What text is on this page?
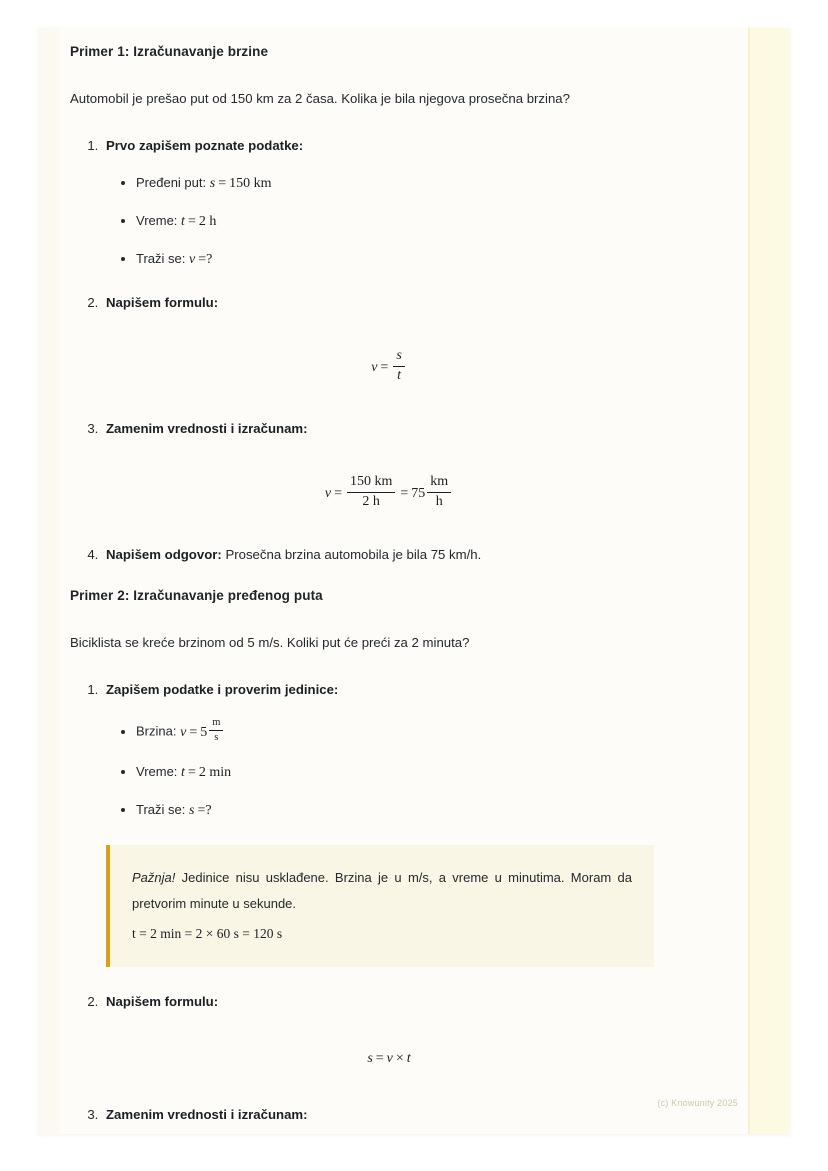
Primer 1: Izračunavanje brzine

Automobil je prešao put od 150 km za 2 časa. Kolika je bila njegova prosečna brzina?

1. Prvo zapišem poznate podatke:
• Pređeni put: s = 150 km
• Vreme: t = 2 h
• Traži se: v =?
2. Napišem formulu:
$v = \frac{s}{t}$
3. Zamenim vrednosti i izračunam:
$v = \frac{150 km}{2 h} = 75 \frac{km}{h}$
4. Napišem odgovor: Prosečna brzina automobila je bila 75 km/h.
Primer 2: Izračunavanje pređenog puta

Biciklista se kreće brzinom od 5 m/s. Koliki put će preći za 2 minuta?

1. Zapišem podatke i proverim jedinice:
• Brzina: $v = 5 \frac{m}{s}$
• Vreme: t = 2 min
• Traži se: s =?

Pažnja! Jedinice nisu usklađene. Brzina je u m/s, a vreme u minutima. Moram da pretvorim minute u sekunde.
t = 2 min = 2 × 60 s = 120 s

2. Napišem formulu:
s = v × t
3. Zamenim vrednosti i izračunam:
(c) Knowunity 2025
